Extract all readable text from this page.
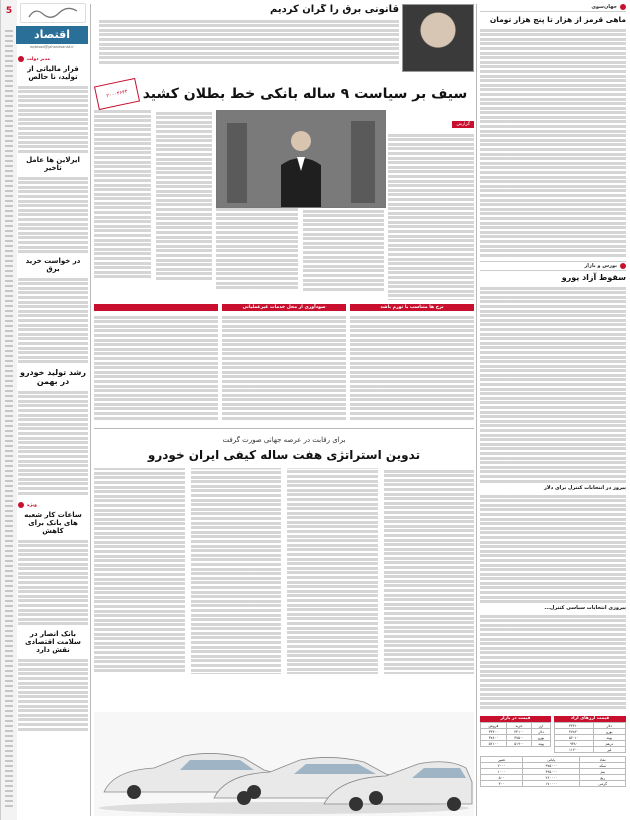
5
اقتصاد
eqtesad@jahanesanat.ir
مدیر دولت
قرار مالیاتی از تولید، نا حالص
ایرلاین ها عامل تاخیر
در خواست خرید برق
رشد تولید خودرو در بهمن
ویژه
ساعات کار شعبه های بانک برای کاهش
بانک انصار در سلامت اقتصادی نقش دارد
قانونی برق را گران کردیم
سیف بر سیاست ۹ ساله بانکی خط بطلان کشید
۲۰۰۰۴۶۴۳
گزارش
نرخ ها متناسب با تورم باشد
سودآوری از محل خدمات غیرعملیاتی
برای رقابت در عرصه جهانی صورت گرفت
تدوین استراتژی هفت ساله کیفی ایران خودرو
جهان‌سوی
ماهی قرمز از هزار تا پنج هزار تومان
بورس و بازار
سقوط آزاد یورو
پیروز در انتخابات کنترل برای دلار
پیروزی انتخابات سیاسی کنترل...
قیمت ارزهای آزاد
دلار	۳۴۴۱۰
یورو	۳۷۸۲۰
پوند	۵۲۰۱۰
درهم	۹۳۸۰
لیر	۱۱۲۰۰
قیمت در بازار
ارز	خرید	فروش
دلار	۳۴۱۰۰	۳۴۴۰۰
یورو	۳۷۵۰۰	۳۷۸۰۰
پوند	۵۱۹۰۰	۵۲۱۰۰
نماد	پایانی	تغییر
سکه	۹۷۵۰۰۰	۲۰۰۰
نیم	۴۹۵۰۰۰	۱۰۰۰
ربع	۲۶۰۰۰۰	۵۰۰
گرمی	۱۷۰۰۰۰	۳۰۰
